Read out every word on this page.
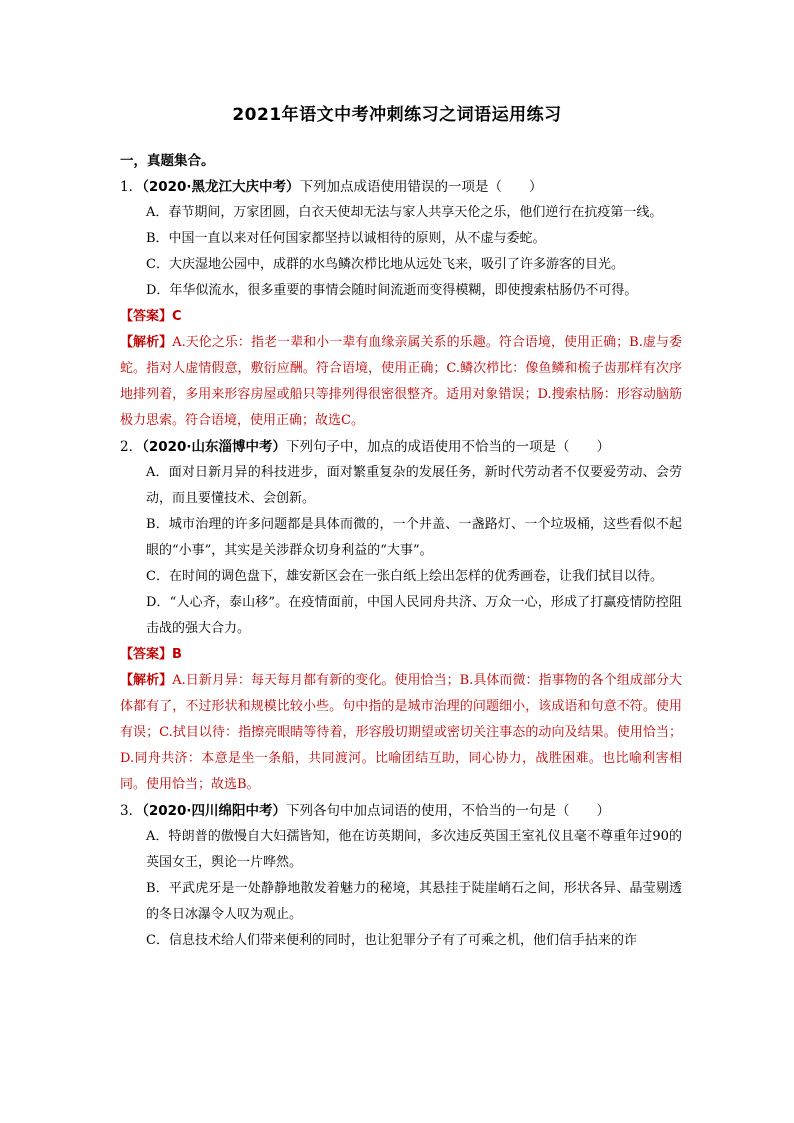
2021年语文中考冲刺练习之词语运用练习
一，真题集合。
1．（2020·黑龙江大庆中考）下列加点成语使用错误的一项是（　　）
A．春节期间，万家团圆，白衣天使却无法与家人共享天伦之乐，他们逆行在抗疫第一线。
B．中国一直以来对任何国家都坚持以诚相待的原则，从不虚与委蛇。
C．大庆湿地公园中，成群的水鸟鳞次栉比地从远处飞来，吸引了许多游客的目光。
D．年华似流水，很多重要的事情会随时间流逝而变得模糊，即使搜索枯肠仍不可得。
【答案】C
【解析】A.天伦之乐：指老一辈和小一辈有血缘亲属关系的乐趣。符合语境，使用正确；B.虚与委蛇。指对人虚情假意，敷衍应酬。符合语境，使用正确；C.鳞次栉比：像鱼鳞和梳子齿那样有次序地排列着，多用来形容房屋或船只等排列得很密很整齐。适用对象错误；D.搜索枯肠：形容动脑筋极力思索。符合语境，使用正确；故选C。
2．（2020·山东淄博中考）下列句子中，加点的成语使用不恰当的一项是（　　）
A．面对日新月异的科技进步，面对繁重复杂的发展任务，新时代劳动者不仅要爱劳动、会劳动，而且要懂技术、会创新。
B．城市治理的许多问题都是具体而微的，一个井盖、一盏路灯、一个垃圾桶，这些看似不起眼的“小事”，其实是关涉群众切身利益的“大事”。
C．在时间的调色盘下，雄安新区会在一张白纸上绘出怎样的优秀画卷，让我们拭目以待。
D．“人心齐，泰山移”。在疫情面前，中国人民同舟共济、万众一心，形成了打赢疫情防控阻击战的强大合力。
【答案】B
【解析】A.日新月异：每天每月都有新的变化。使用恰当；B.具体而微：指事物的各个组成部分大体都有了，不过形状和规模比较小些。句中指的是城市治理的问题细小，该成语和句意不符。使用有误；C.拭目以待：指擦亮眼睛等待着，形容殷切期望或密切关注事态的动向及结果。使用恰当；D.同舟共济：本意是坐一条船，共同渡河。比喻团结互助，同心协力，战胜困难。也比喻利害相同。使用恰当；故选B。
3．（2020·四川绵阳中考）下列各句中加点词语的使用，不恰当的一句是（　　）
A．特朗普的傲慢自大妇孺皆知，他在访英期间，多次违反英国王室礼仪且毫不尊重年过90的英国女王，舆论一片哗然。
B．平武虎牙是一处静静地散发着魅力的秘境，其悬挂于陡崖峭石之间，形状各异、晶莹剔透的冬日冰瀑令人叹为观止。
C．信息技术给人们带来便利的同时，也让犯罪分子有了可乘之机，他们信手拈来的诈
